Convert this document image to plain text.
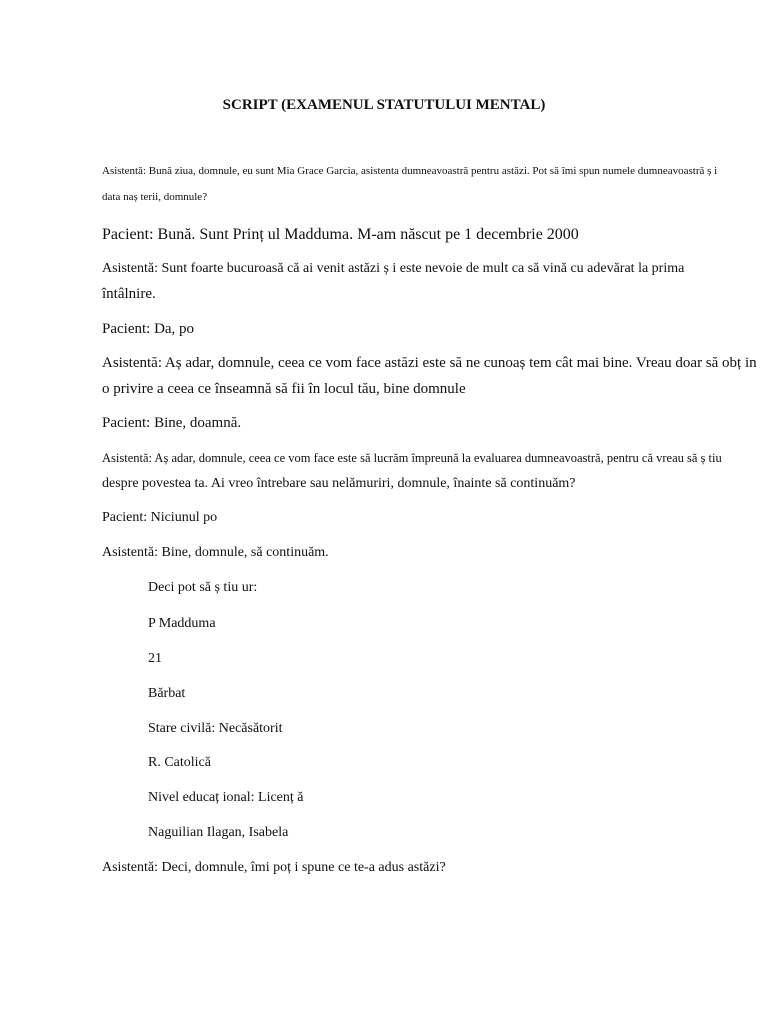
SCRIPT (EXAMENUL STATUTULUI MENTAL)
Asistentă: Bună ziua, domnule, eu sunt Mia Grace Garcia, asistenta dumneavoastră pentru astăzi. Pot să îmi spun numele dumneavoastră ș i
data naș terii, domnule?
Pacient: Bună. Sunt Prinț ul Madduma. M-am născut pe 1 decembrie 2000
Asistentă: Sunt foarte bucuroasă că ai venit astăzi ș i este nevoie de mult ca să vină cu adevărat la prima
întâlnire.
Pacient: Da, po
Asistentă: Aș adar, domnule, ceea ce vom face astăzi este să ne cunoaș tem cât mai bine. Vreau doar să obț in
o privire a ceea ce înseamnă să fii în locul tău, bine domnule
Pacient: Bine, doamnă.
Asistentă: Aș adar, domnule, ceea ce vom face este să lucrăm împreună la evaluarea dumneavoastră, pentru că vreau să ș tiu
despre povestea ta. Ai vreo întrebare sau nelămuriri, domnule, înainte să continuăm?
Pacient: Niciunul po
Asistentă: Bine, domnule, să continuăm.
Deci pot să ș tiu ur:
P Madduma
21
Bărbat
Stare civilă: Necăsătorit
R. Catolică
Nivel educaț ional: Licenț ă
Naguilian Ilagan, Isabela
Asistentă: Deci, domnule, îmi poț i spune ce te-a adus astăzi?
